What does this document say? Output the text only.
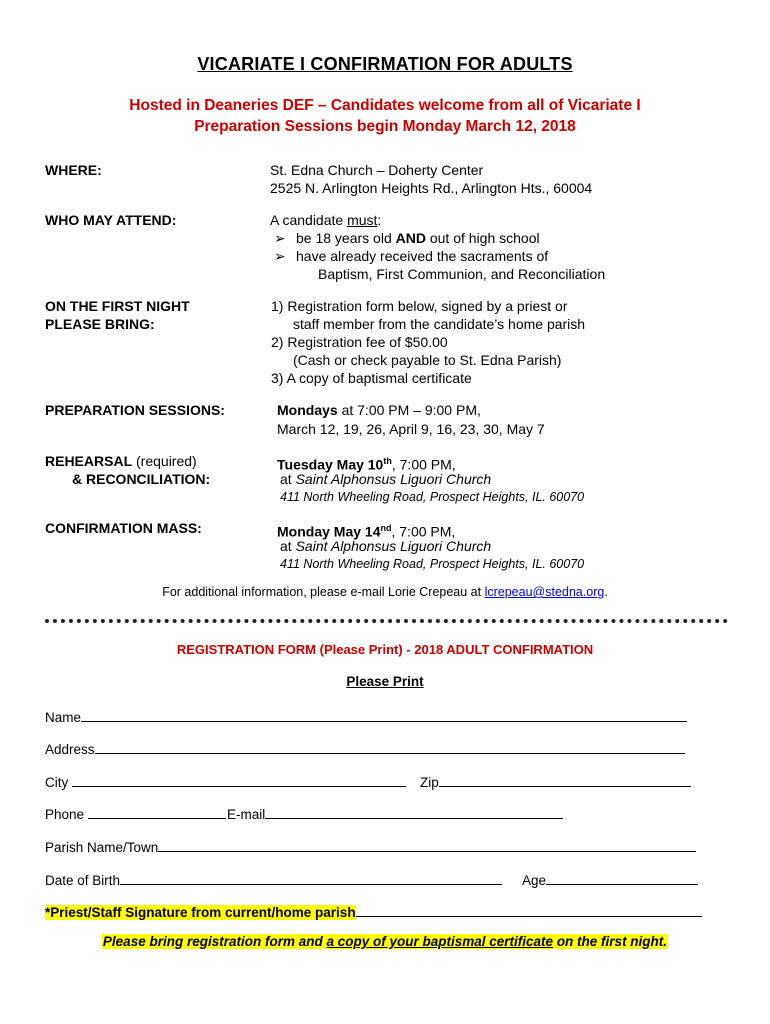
VICARIATE I CONFIRMATION FOR ADULTS
Hosted in Deaneries DEF – Candidates welcome from all of Vicariate I
Preparation Sessions begin Monday March 12, 2018
WHERE:	St. Edna Church – Doherty Center
2525 N. Arlington Heights Rd., Arlington Hts., 60004
WHO MAY ATTEND:	A candidate must:
➢ be 18 years old AND out of high school
➢ have already received the sacraments of
Baptism, First Communion, and Reconciliation
ON THE FIRST NIGHT
PLEASE BRING:
1) Registration form below, signed by a priest or
staff member from the candidate’s home parish
2) Registration fee of $50.00
(Cash or check payable to St. Edna Parish)
3) A copy of baptismal certificate
PREPARATION SESSIONS:	Mondays at 7:00 PM – 9:00 PM,
March 12, 19, 26, April 9, 16, 23, 30, May 7
REHEARSAL (required)
& RECONCILIATION:
Tuesday May 10th, 7:00 PM,
at Saint Alphonsus Liguori Church
411 North Wheeling Road, Prospect Heights, IL. 60070
CONFIRMATION MASS:	Monday May 14nd, 7:00 PM,
at Saint Alphonsus Liguori Church
411 North Wheeling Road, Prospect Heights, IL. 60070
For additional information, please e-mail Lorie Crepeau at lcrepeau@stedna.org.
REGISTRATION FORM (Please Print) - 2018 ADULT CONFIRMATION
Please Print
Name
Address
City	Zip
Phone	E-mail
Parish Name/Town
Date of Birth	Age
*Priest/Staff Signature from current/home parish
Please bring registration form and a copy of your baptismal certificate on the first night.
